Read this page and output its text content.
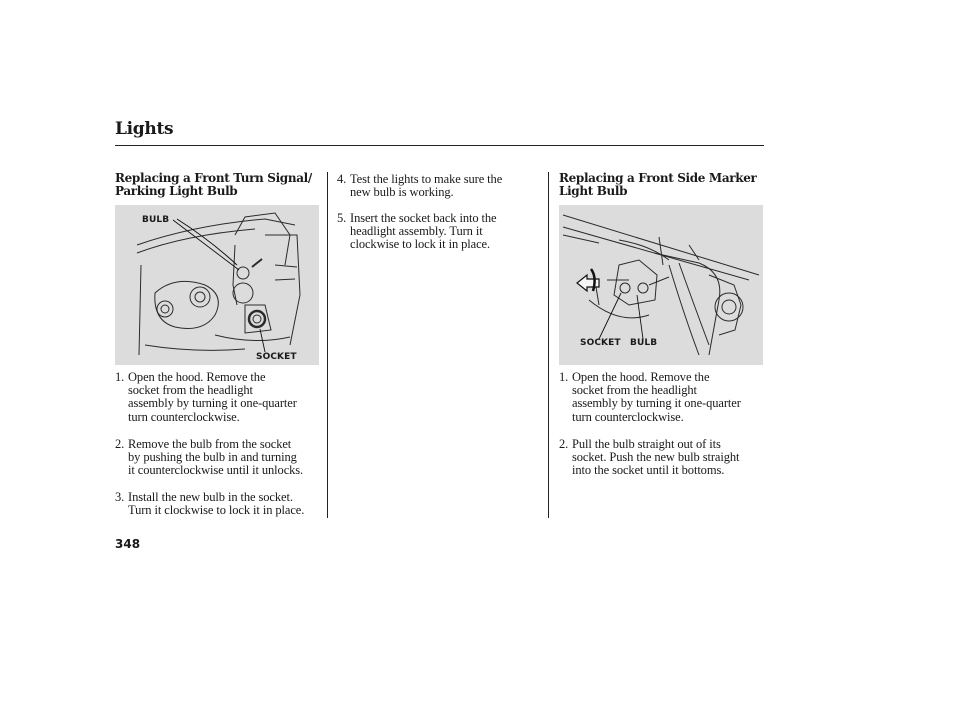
Lights
Replacing a Front Turn Signal/
Parking Light Bulb
BULB
SOCKET
1. Open the hood. Remove the
socket from the headlight
assembly by turning it one-quarter
turn counterclockwise.
2. Remove the bulb from the socket
by pushing the bulb in and turning
it counterclockwise until it unlocks.
3. Install the new bulb in the socket.
Turn it clockwise to lock it in place.
4. Test the lights to make sure the
new bulb is working.
5. Insert the socket back into the
headlight assembly. Turn it
clockwise to lock it in place.
Replacing a Front Side Marker
Light Bulb
SOCKET BULB
1. Open the hood. Remove the
socket from the headlight
assembly by turning it one-quarter
turn counterclockwise.
2. Pull the bulb straight out of its
socket. Push the new bulb straight
into the socket until it bottoms.
348
